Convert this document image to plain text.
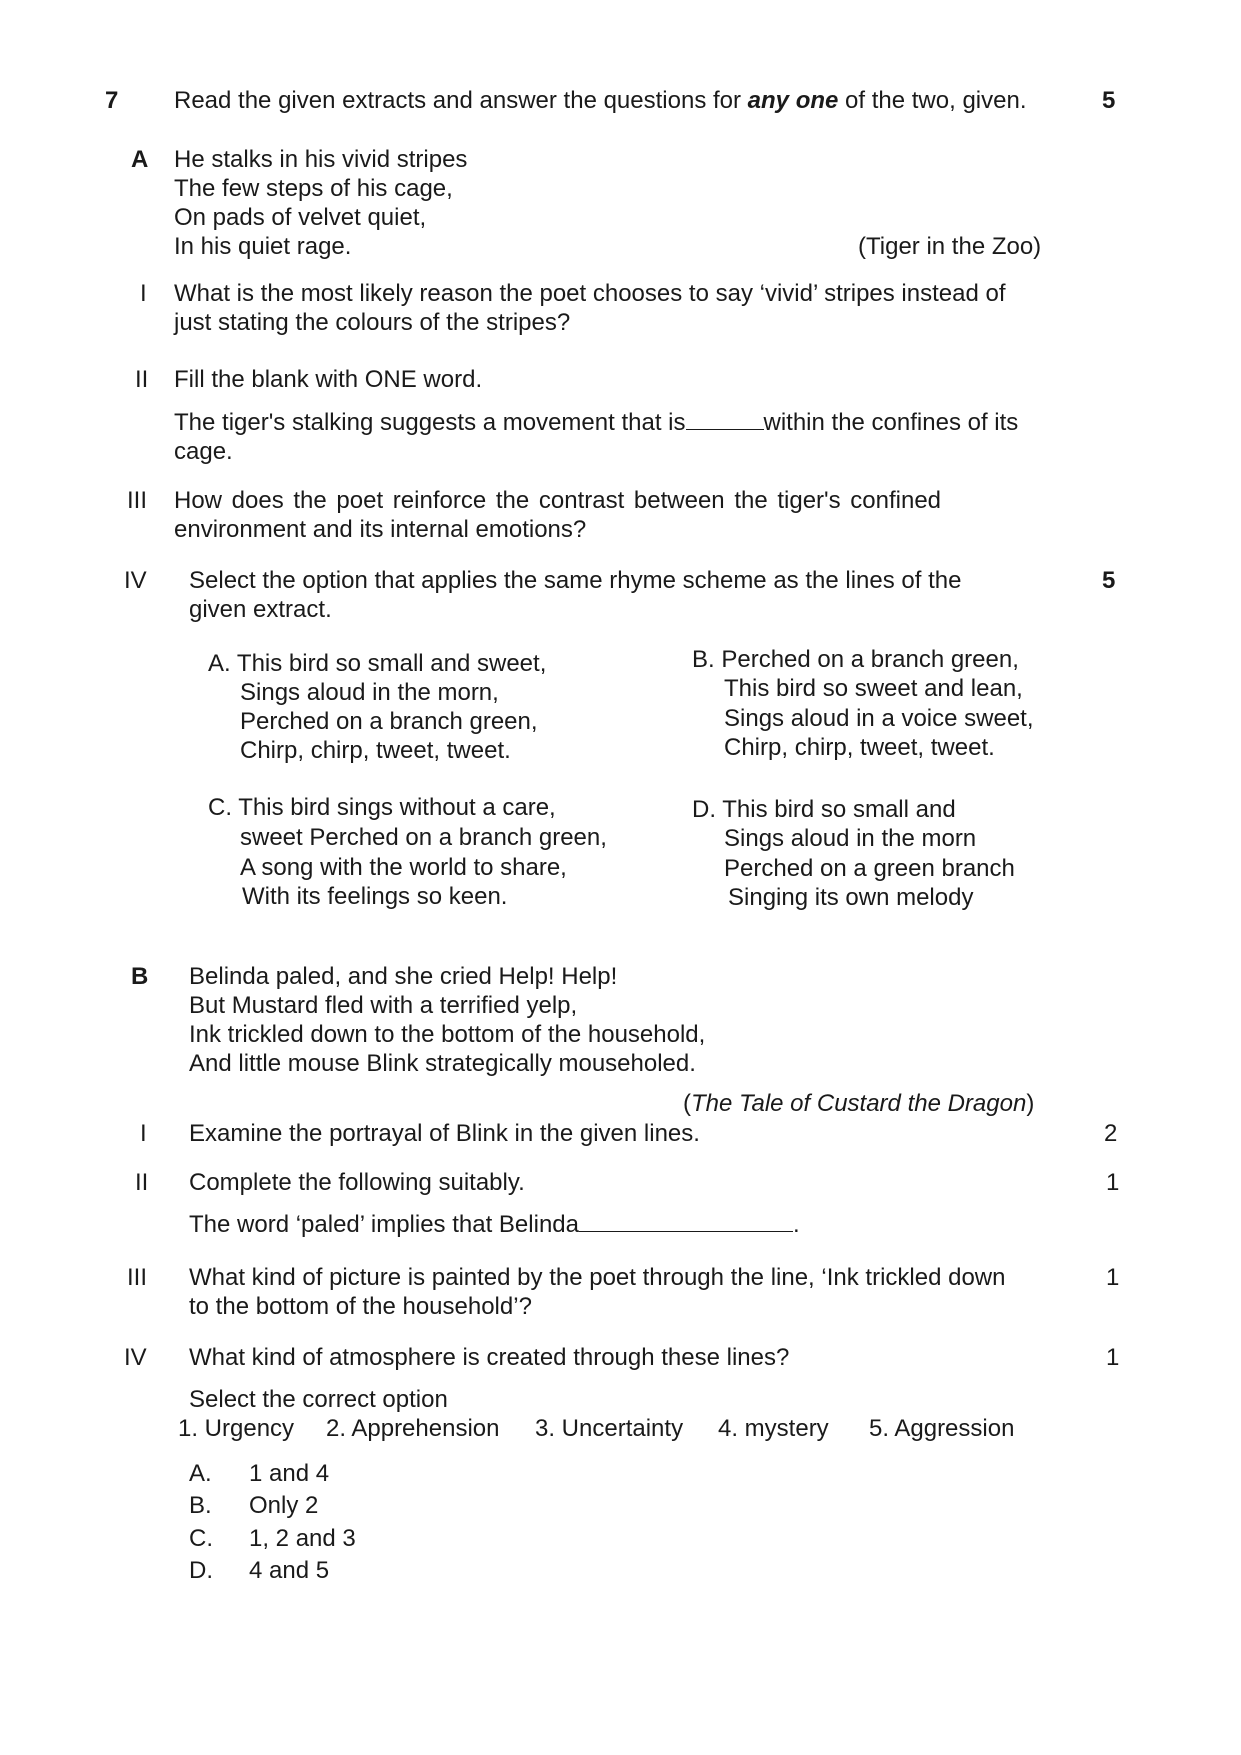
7 Read the given extracts and answer the questions for any one of the two, given.	5
A He stalks in his vivid stripes
The few steps of his cage,
On pads of velvet quiet,
In his quiet rage.	(Tiger in the Zoo)
I What is the most likely reason the poet chooses to say ‘vivid’ stripes instead of
just stating the colours of the stripes?
II Fill the blank with ONE word.
The tiger's stalking suggests a movement that is	within the confines of its
cage.
III How does the poet reinforce the contrast between the tiger's confined
environment and its internal emotions?
IV Select the option that applies the same rhyme scheme as the lines of the
given extract.
5
A. This bird so small and sweet,
Sings aloud in the morn,
Perched on a branch green,
Chirp, chirp, tweet, tweet.
B. Perched on a branch green,
This bird so sweet and lean,
Sings aloud in a voice sweet,
Chirp, chirp, tweet, tweet.
C. This bird sings without a care,
sweet Perched on a branch green,
A song with the world to share,
With its feelings so keen.
D. This bird so small and
Sings aloud in the morn
Perched on a green branch
Singing its own melody
B Belinda paled, and she cried Help! Help!
But Mustard fled with a terrified yelp,
Ink trickled down to the bottom of the household,
And little mouse Blink strategically mouseholed.
(The Tale of Custard the Dragon)
I Examine the portrayal of Blink in the given lines.	2
II Complete the following suitably.	1
The word ‘paled’ implies that Belinda	.
III What kind of picture is painted by the poet through the line, ‘Ink trickled down
to the bottom of the household’?
1
IV What kind of atmosphere is created through these lines?	1
Select the correct option
1. Urgency 2. Apprehension 3. Uncertainty 4. mystery 5. Aggression
A. 1 and 4
B. Only 2
C. 1, 2 and 3
D. 4 and 5
